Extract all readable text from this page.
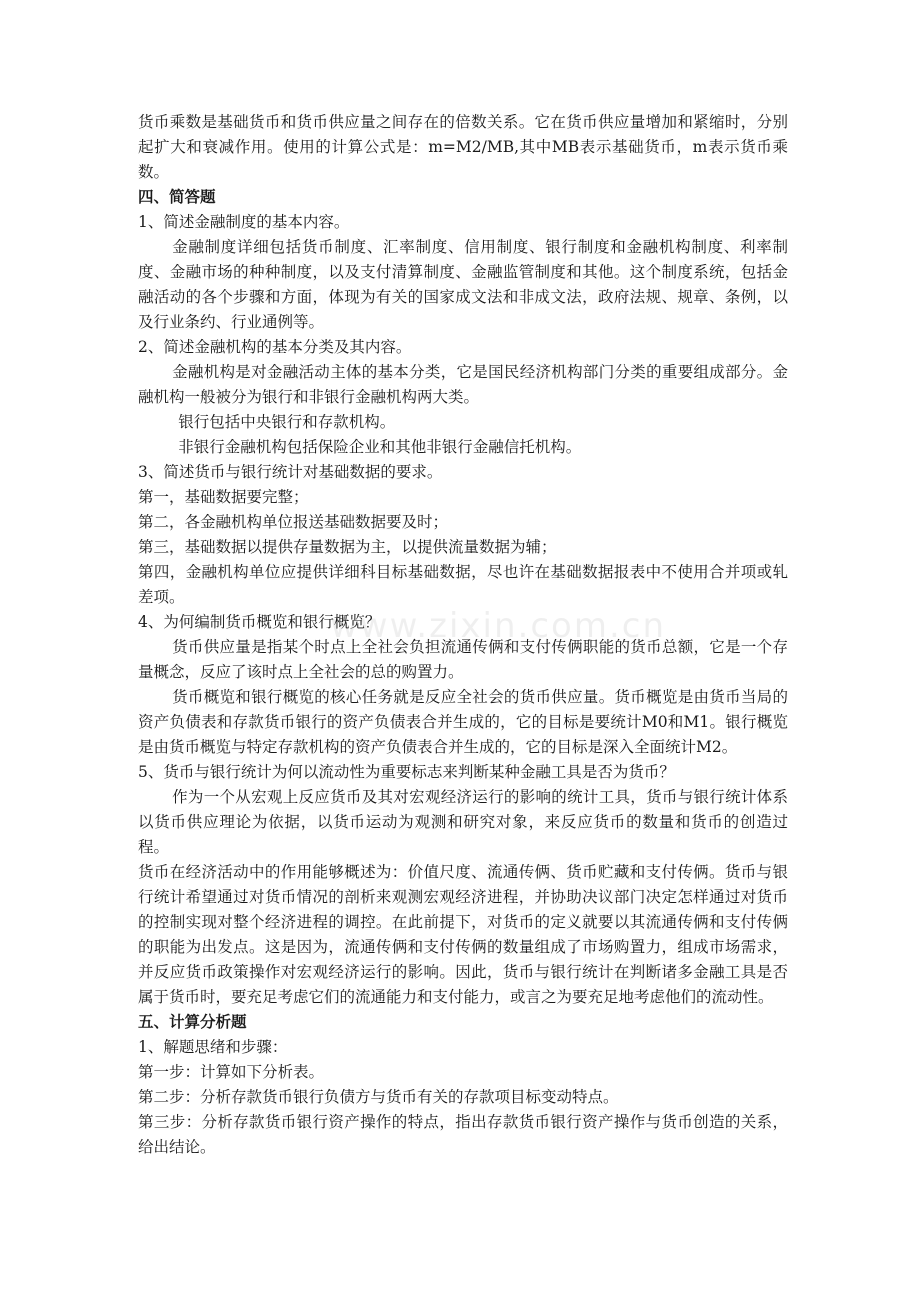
货币乘数是基础货币和货币供应量之间存在的倍数关系。它在货币供应量增加和紧缩时，分别起扩大和衰减作用。使用的计算公式是：m=M2/MB,其中MB表示基础货币，m表示货币乘数。

四、简答题

1、简述金融制度的基本内容。

金融制度详细包括货币制度、汇率制度、信用制度、银行制度和金融机构制度、利率制度、金融市场的种种制度，以及支付清算制度、金融监管制度和其他。这个制度系统，包括金融活动的各个步骤和方面，体现为有关的国家成文法和非成文法，政府法规、规章、条例，以及行业条约、行业通例等。

2、简述金融机构的基本分类及其内容。

金融机构是对金融活动主体的基本分类，它是国民经济机构部门分类的重要组成部分。金融机构一般被分为银行和非银行金融机构两大类。

银行包括中央银行和存款机构。

非银行金融机构包括保险企业和其他非银行金融信托机构。

3、简述货币与银行统计对基础数据的要求。

第一，基础数据要完整；

第二，各金融机构单位报送基础数据要及时；

第三，基础数据以提供存量数据为主，以提供流量数据为辅；

第四，金融机构单位应提供详细科目标基础数据，尽也许在基础数据报表中不使用合并项或轧差项。

4、为何编制货币概览和银行概览？

货币供应量是指某个时点上全社会负担流通传俩和支付传俩职能的货币总额，它是一个存量概念，反应了该时点上全社会的总的购置力。

货币概览和银行概览的核心任务就是反应全社会的货币供应量。货币概览是由货币当局的资产负债表和存款货币银行的资产负债表合并生成的，它的目标是要统计M0和M1。银行概览是由货币概览与特定存款机构的资产负债表合并生成的，它的目标是深入全面统计M2。

5、货币与银行统计为何以流动性为重要标志来判断某种金融工具是否为货币？

作为一个从宏观上反应货币及其对宏观经济运行的影响的统计工具，货币与银行统计体系以货币供应理论为依据，以货币运动为观测和研究对象，来反应货币的数量和货币的创造过程。

货币在经济活动中的作用能够概述为：价值尺度、流通传俩、货币贮藏和支付传俩。货币与银行统计希望通过对货币情况的剖析来观测宏观经济进程，并协助决议部门决定怎样通过对货币的控制实现对整个经济进程的调控。在此前提下，对货币的定义就要以其流通传俩和支付传俩的职能为出发点。这是因为，流通传俩和支付传俩的数量组成了市场购置力，组成市场需求，并反应货币政策操作对宏观经济运行的影响。因此，货币与银行统计在判断诸多金融工具是否属于货币时，要充足考虑它们的流通能力和支付能力，或言之为要充足地考虑他们的流动性。

五、计算分析题

1、解题思绪和步骤：

第一步：计算如下分析表。

第二步：分析存款货币银行负债方与货币有关的存款项目标变动特点。

第三步：分析存款货币银行资产操作的特点，指出存款货币银行资产操作与货币创造的关系，给出结论。

www.zixin.com.cn
